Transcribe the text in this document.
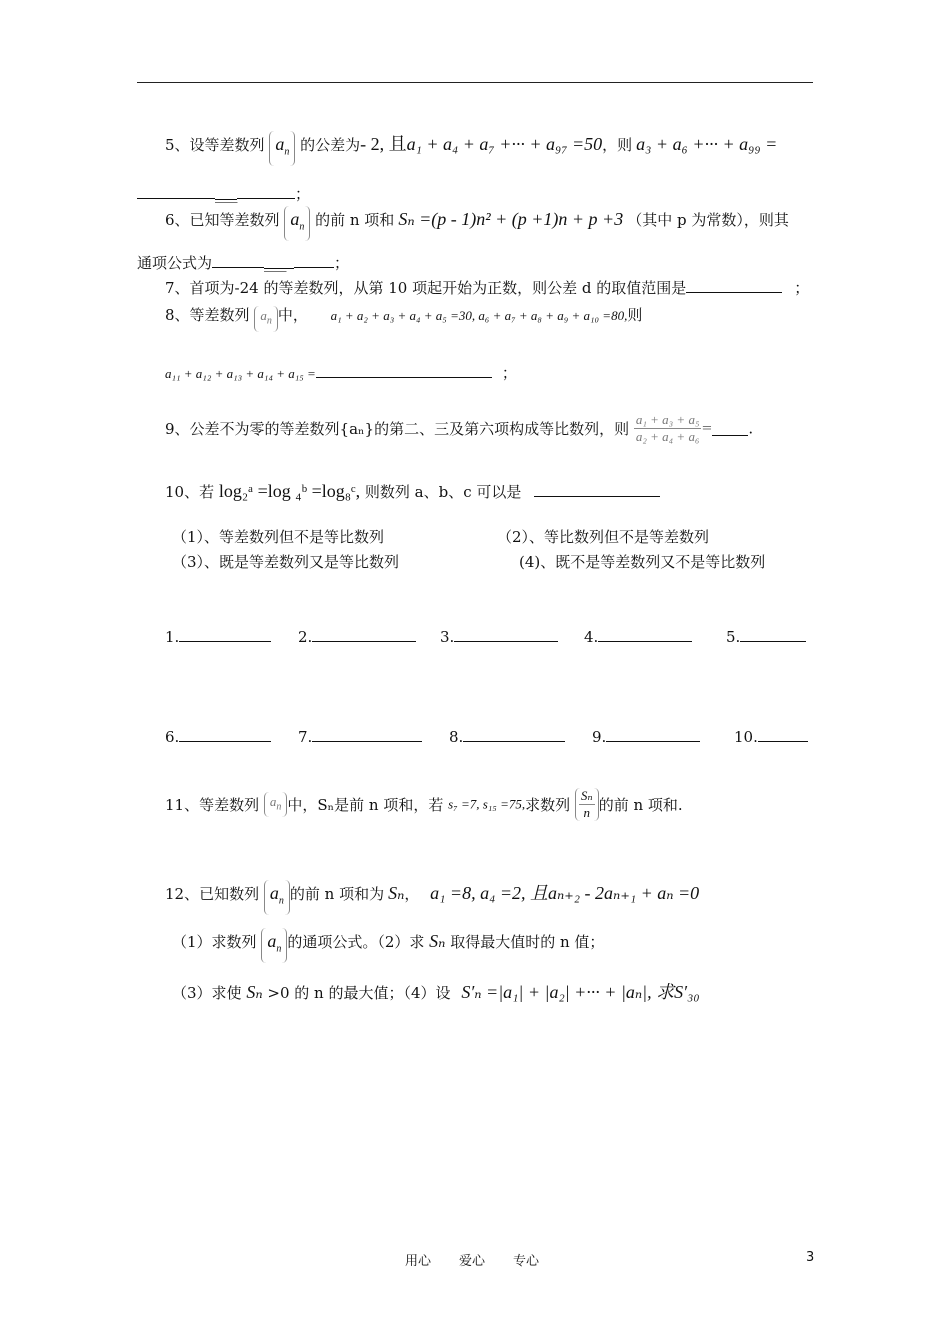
5、设等差数列 $a_n$ 的公差为- 2, 且a₁ + a₄ + a₇ +··· + a₉₇ =50，则 a₃ + a₆ +··· + a₉₉ =
___	；
6、已知等差数列 $a_n$ 的前 n 项和 Sₙ =(p - 1)n² + (p +1)n + p +3 （其中 p 为常数），则其
通项公式为	___	；
7、首项为-24 的等差数列，从第 10 项起开始为正数，则公差 d 的取值范围是	；
8、等差数列 $a_n$ 中， a₁ + a₂ + a₃ + a₄ + a₅ =30, a₆ + a₇ + a₈ + a₉ + a₁₀ =80,则
a₁₁ + a₁₂ + a₁₃ + a₁₄ + a₁₅ =	；
9、公差不为零的等差数列{aₙ}的第二、三及第六项构成等比数列，则 $\frac{\text{a₁ + a₃ + a₅}}{\text{a₂ + a₄ + a₆}}$ = .
10、若 log₂ᵃ =log ₄ᵇ =log₈ᶜ, 则数列 a、b、c 可以是
（1）、等差数列但不是等比数列	（2）、等比数列但不是等差数列
（3）、既是等差数列又是等比数列	(4)、既不是等差数列又不是等比数列
1.	2.	3.	4.	5.
6.	7.	8.	9.	10.
11、等差数列 $a_n$ 中，Sₙ是前 n 项和，若 s₇ =7, s₁₅ =75,求数列 $\frac{\text{Sₙ}}{n}$ 的前 n 项和.
12、已知数列 $a_n$ 的前 n 项和为 Sₙ， a₁ =8, a₄ =2, 且aₙ₊₂ - 2aₙ₊₁ + aₙ =0
（1）求数列 $a_n$ 的通项公式。（2）求 Sₙ 取得最大值时的 n 值；
（3）求使 Sₙ >0 的 n 的最大值；（4）设 S′ₙ =|a₁| + |a₂| +··· + |aₙ|, 求S′₃₀
用心 爱心 专心	3
